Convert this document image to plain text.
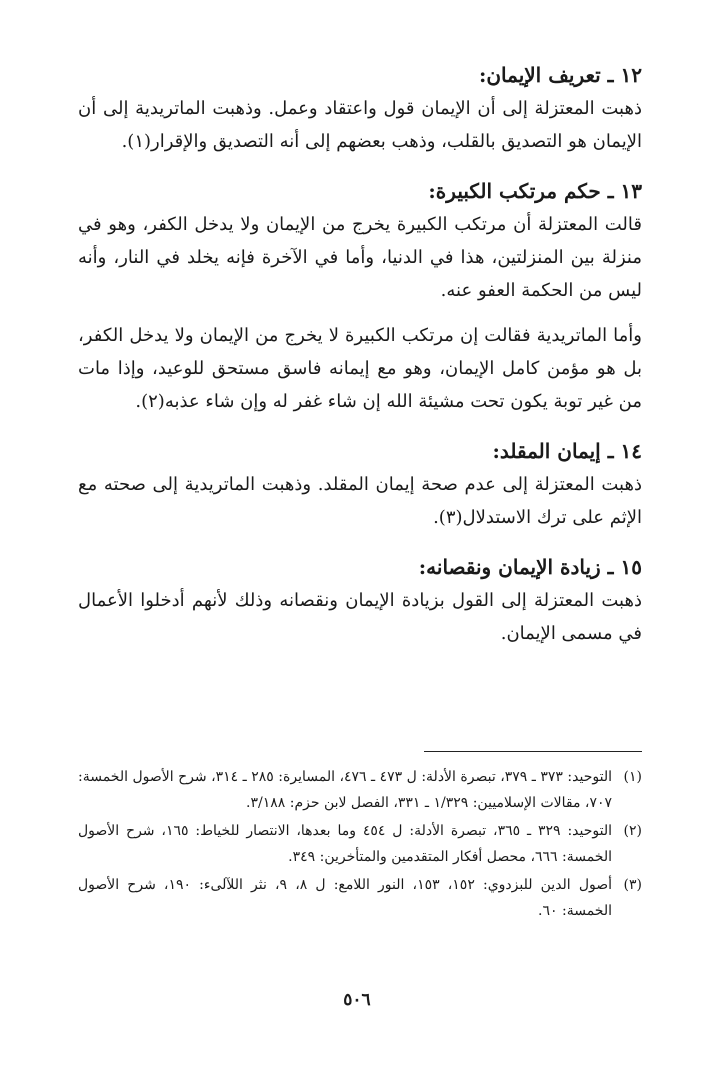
١٢ ـ تعريف الإيمان:

ذهبت المعتزلة إلى أن الإيمان قول واعتقاد وعمل. وذهبت الماتريدية إلى أن الإيمان هو التصديق بالقلب، وذهب بعضهم إلى أنه التصديق والإقرار(١).

١٣ ـ حكم مرتكب الكبيرة:

قالت المعتزلة أن مرتكب الكبيرة يخرج من الإيمان ولا يدخل الكفر، وهو في منزلة بين المنزلتين، هذا في الدنيا، وأما في الآخرة فإنه يخلد في النار، وأنه ليس من الحكمة العفو عنه.

وأما الماتريدية فقالت إن مرتكب الكبيرة لا يخرج من الإيمان ولا يدخل الكفر، بل هو مؤمن كامل الإيمان، وهو مع إيمانه فاسق مستحق للوعيد، وإذا مات من غير توبة يكون تحت مشيئة الله إن شاء غفر له وإن شاء عذبه(٢).

١٤ ـ إيمان المقلد:

ذهبت المعتزلة إلى عدم صحة إيمان المقلد. وذهبت الماتريدية إلى صحته مع الإثم على ترك الاستدلال(٣).

١٥ ـ زيادة الإيمان ونقصانه:

ذهبت المعتزلة إلى القول بزيادة الإيمان ونقصانه وذلك لأنهم أدخلوا الأعمال في مسمى الإيمان.

(١)
التوحيد: ٣٧٣ ـ ٣٧٩، تبصرة الأدلة: ل ٤٧٣ ـ ٤٧٦، المسايرة: ٢٨٥ ـ ٣١٤، شرح الأصول الخمسة: ٧٠٧، مقالات الإسلاميين: ١/٣٢٩ ـ ٣٣١، الفصل لابن حزم: ٣/١٨٨.

(٢)
التوحيد: ٣٢٩ ـ ٣٦٥، تبصرة الأدلة: ل ٤٥٤ وما بعدها، الانتصار للخياط: ١٦٥، شرح الأصول الخمسة: ٦٦٦، محصل أفكار المتقدمين والمتأخرين: ٣٤٩.

(٣)
أصول الدين للبزدوي: ١٥٢، ١٥٣، النور اللامع: ل ٨، ٩، نثر اللآلىء: ١٩٠، شرح الأصول الخمسة: ٦٠.

٥٠٦
